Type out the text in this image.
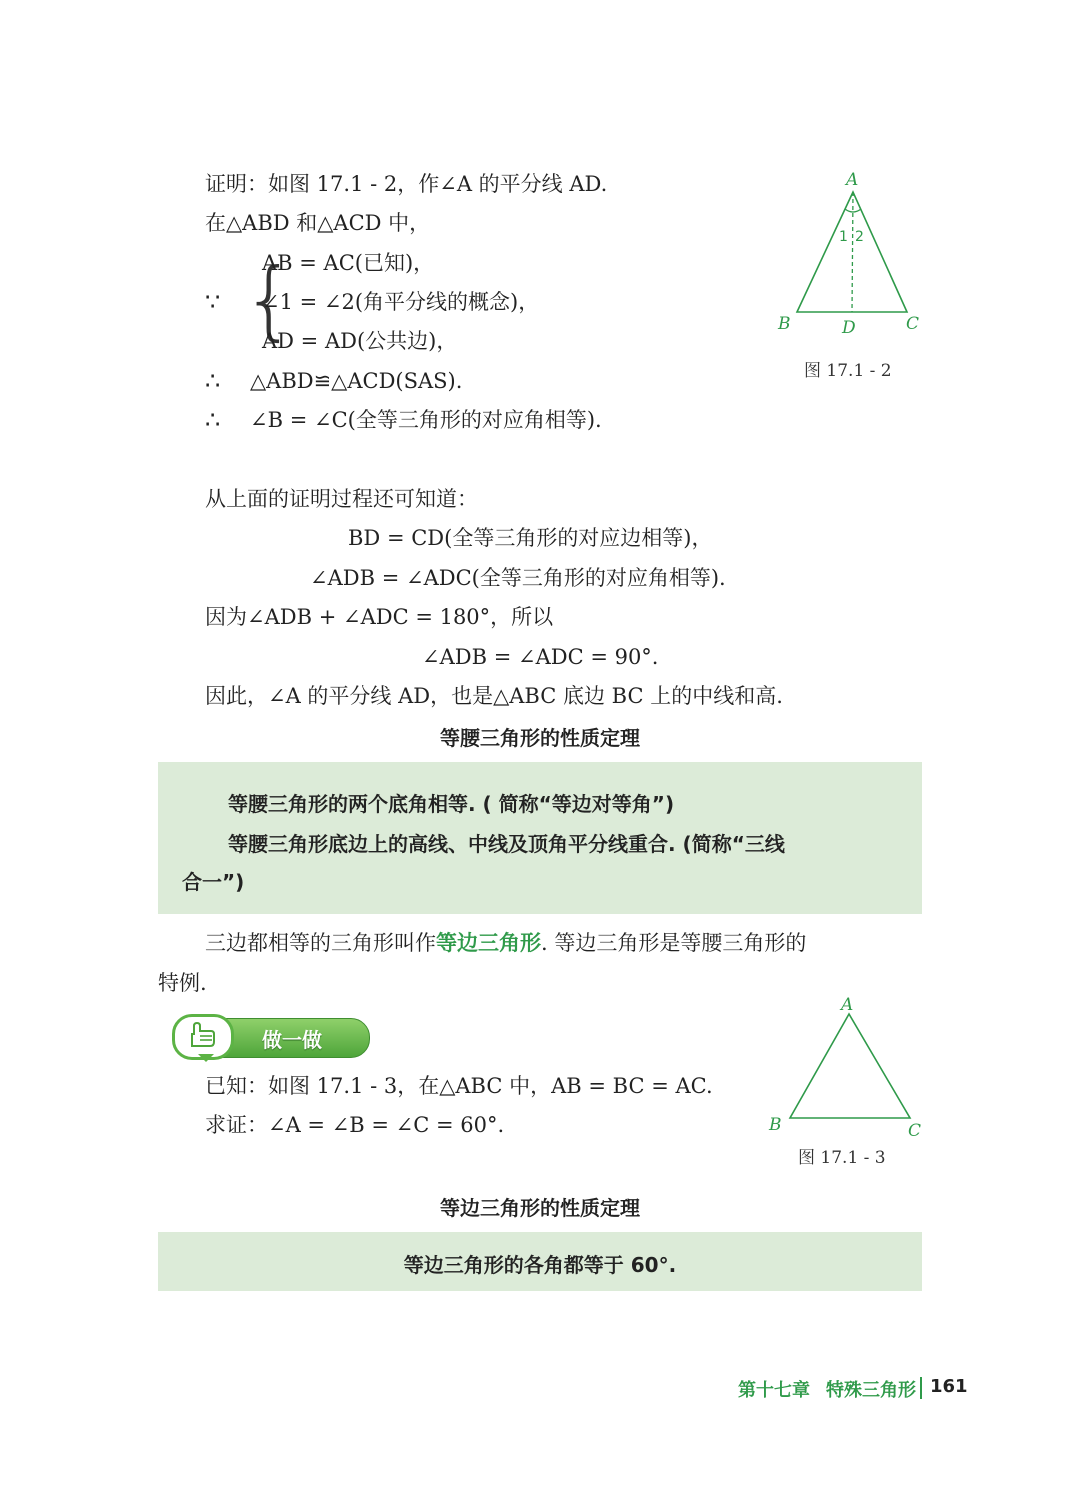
证明：如图 17.1 - 2，作∠A 的平分线 AD.
在△ABD 和△ACD 中，
∵ {
AB = AC(已知)，
∠1 = ∠2(角平分线的概念)，
AD = AD(公共边)，
∴ △ABD≌△ACD(SAS).
∴ ∠B = ∠C(全等三角形的对应角相等).
A
B	C
D
1 2
图 17.1 - 2
从上面的证明过程还可知道：
BD = CD(全等三角形的对应边相等)，
∠ADB = ∠ADC(全等三角形的对应角相等).
因为∠ADB + ∠ADC = 180°，所以
∠ADB = ∠ADC = 90°.
因此，∠A 的平分线 AD，也是△ABC 底边 BC 上的中线和高.
等腰三角形的性质定理
等腰三角形的两个底角相等. ( 简称“等边对等角”)
等腰三角形底边上的高线、中线及顶角平分线重合. (简称“三线
合一”)
三边都相等的三角形叫作等边三角形. 等边三角形是等腰三角形的
特例.
做一做
已知：如图 17.1 - 3，在△ABC 中，AB = BC = AC.
求证：∠A = ∠B = ∠C = 60°.
A
B	C
图 17.1 - 3
等边三角形的性质定理
等边三角形的各角都等于 60°.
第十七章 特殊三角形 161
